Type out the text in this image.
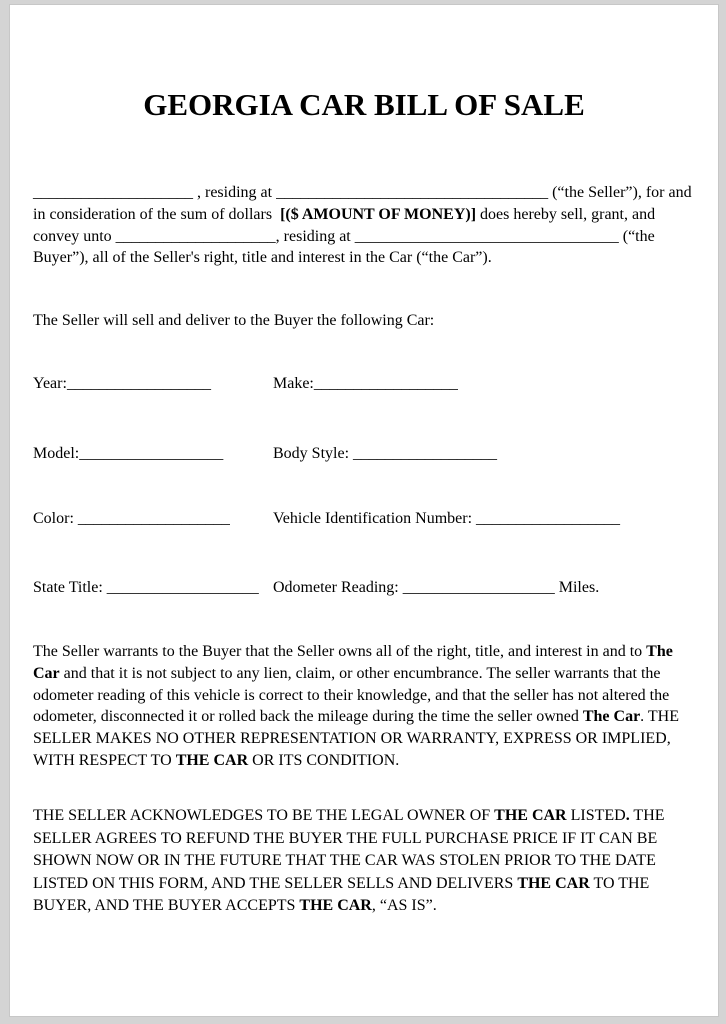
GEORGIA CAR BILL OF SALE
____________________ , residing at __________________________________ (“the Seller”), for and
in consideration of the sum of dollars  [($ AMOUNT OF MONEY)] does hereby sell, grant, and
convey unto ____________________, residing at _________________________________ (“the
Buyer”), all of the Seller's right, title and interest in the Car (“the Car”).
The Seller will sell and deliver to the Buyer the following Car:
Year:__________________	Make:__________________
Model:__________________	Body Style: __________________
Color: ___________________	Vehicle Identification Number: __________________
State Title: ___________________ Odometer Reading: ___________________ Miles.
The Seller warrants to the Buyer that the Seller owns all of the right, title, and interest in and to The
Car and that it is not subject to any lien, claim, or other encumbrance. The seller warrants that the
odometer reading of this vehicle is correct to their knowledge, and that the seller has not altered the
odometer, disconnected it or rolled back the mileage during the time the seller owned The Car. THE
SELLER MAKES NO OTHER REPRESENTATION OR WARRANTY, EXPRESS OR IMPLIED,
WITH RESPECT TO THE CAR OR ITS CONDITION.
THE SELLER ACKNOWLEDGES TO BE THE LEGAL OWNER OF THE CAR LISTED. THE
SELLER AGREES TO REFUND THE BUYER THE FULL PURCHASE PRICE IF IT CAN BE
SHOWN NOW OR IN THE FUTURE THAT THE CAR WAS STOLEN PRIOR TO THE DATE
LISTED ON THIS FORM, AND THE SELLER SELLS AND DELIVERS THE CAR TO THE
BUYER, AND THE BUYER ACCEPTS THE CAR, “AS IS”.
